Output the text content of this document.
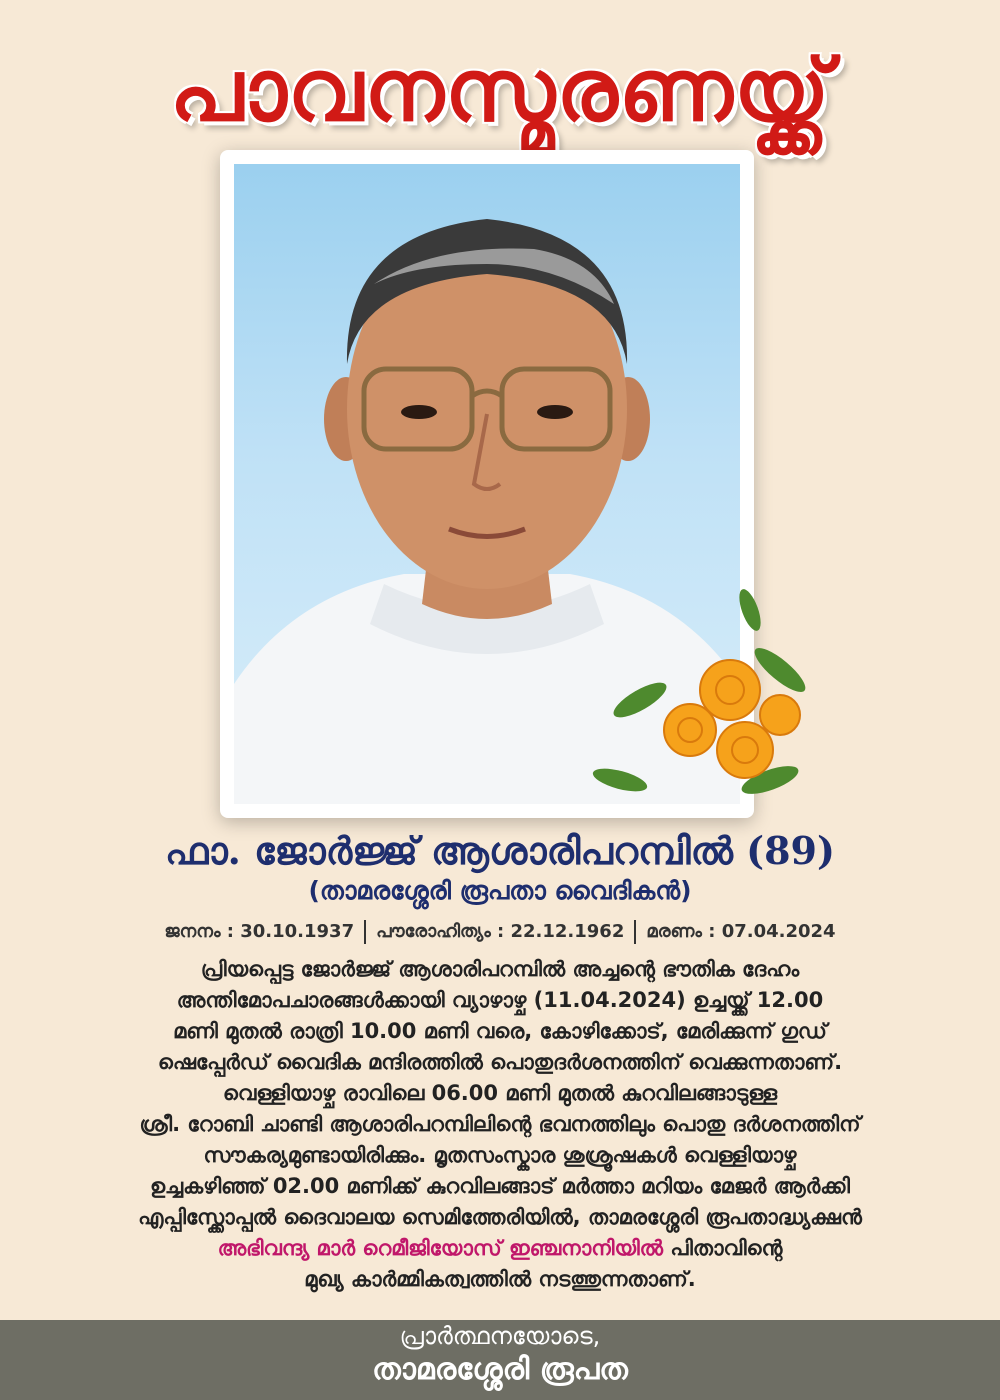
പാവനസ്മരണയ്ക്ക്
ഫാ. ജോർജ്ജ് ആശാരിപറമ്പിൽ (89)
(താമരശ്ശേരി രൂപതാ വൈദികൻ)
ജനനം : 30.10.1937 പൗരോഹിത്യം : 22.12.1962 മരണം : 07.04.2024
പ്രിയപ്പെട്ട ജോർജ്ജ് ആശാരിപറമ്പിൽ അച്ചന്റെ ഭൗതിക ദേഹം
അന്തിമോപചാരങ്ങൾക്കായി വ്യാഴാഴ്ച (11.04.2024) ഉച്ചയ്ക്ക് 12.00
മണി മുതൽ രാത്രി 10.00 മണി വരെ, കോഴിക്കോട്, മേരിക്കുന്ന് ഗുഡ്
ഷെപ്പേർഡ് വൈദിക മന്ദിരത്തിൽ പൊതുദർശനത്തിന് വെക്കുന്നതാണ്.
വെള്ളിയാഴ്ച രാവിലെ 06.00 മണി മുതൽ കുറവിലങ്ങാടുള്ള
ശ്രീ. റോബി ചാണ്ടി ആശാരിപറമ്പിലിന്റെ ഭവനത്തിലും പൊതു ദർശനത്തിന്
സൗകര്യമുണ്ടായിരിക്കും. മൃതസംസ്കാര ശുശ്രൂഷകൾ വെള്ളിയാഴ്ച
ഉച്ചകഴിഞ്ഞ് 02.00 മണിക്ക് കുറവിലങ്ങാട് മർത്താ മറിയം മേജർ ആർക്കി
എപ്പിസ്ക്കോപ്പൽ ദൈവാലയ സെമിത്തേരിയിൽ, താമരശ്ശേരി രൂപതാദ്ധ്യക്ഷൻ
അഭിവന്ദ്യ മാർ റെമീജിയോസ് ഇഞ്ചനാനിയിൽ പിതാവിന്റെ
മുഖ്യ കാർമ്മികത്വത്തിൽ നടത്തുന്നതാണ്.
പ്രാർത്ഥനയോടെ,
താമരശ്ശേരി രൂപത
